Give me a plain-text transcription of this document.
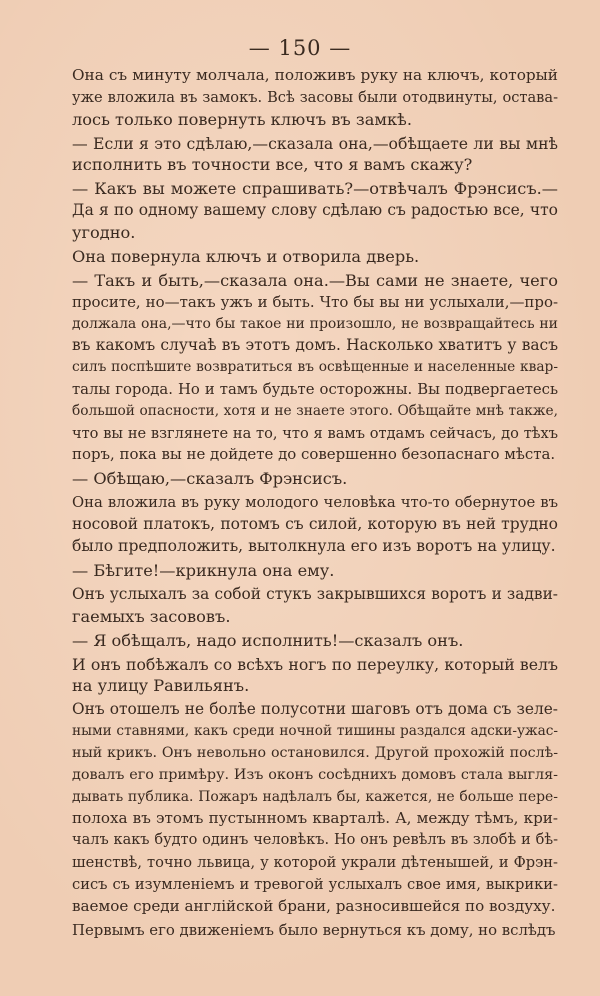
— 150 —

Она съ минуту молчала, положивъ руку на ключъ, который
уже вложила въ замокъ. Всѣ засовы были отодвинуты, остава-
лось только повернуть ключъ въ замкѣ.

— Если я это сдѣлаю,—сказала она,—обѣщаете ли вы мнѣ
исполнить въ точности все, что я вамъ скажу?

— Какъ вы можете спрашивать?—отвѣчалъ Фрэнсисъ.—
Да я по одному вашему слову сдѣлаю съ радостью все, что
угодно.

Она повернула ключъ и отворила дверь.

— Такъ и быть,—сказала она.—Вы сами не знаете, чего
просите, но—такъ ужъ и быть. Что бы вы ни услыхали,—про-
должала она,—что бы такое ни произошло, не возвращайтесь ни
въ какомъ случаѣ въ этотъ домъ. Насколько хватитъ у васъ
силъ поспѣшите возвратиться въ освѣщенные и населенные квар-
талы города. Но и тамъ будьте осторожны. Вы подвергаетесь
большой опасности, хотя и не знаете этого. Обѣщайте мнѣ также,
что вы не взглянете на то, что я вамъ отдамъ сейчасъ, до тѣхъ
поръ, пока вы не дойдете до совершенно безопаснаго мѣста.

— Обѣщаю,—сказалъ Фрэнсисъ.

Она вложила въ руку молодого человѣка что-то обернутое въ
носовой платокъ, потомъ съ силой, которую въ ней трудно
было предположить, вытолкнула его изъ воротъ на улицу.

— Бѣгите!—крикнула она ему.

Онъ услыхалъ за собой стукъ закрывшихся воротъ и задви-
гаемыхъ засововъ.

— Я обѣщалъ, надо исполнить!—сказалъ онъ.

И онъ побѣжалъ со всѣхъ ногъ по переулку, который велъ
на улицу Равильянъ.

Онъ отошелъ не болѣе полусотни шаговъ отъ дома съ зеле-
ными ставнями, какъ среди ночной тишины раздался адски-ужас-
ный крикъ. Онъ невольно остановился. Другой прохожій послѣ-
довалъ его примѣру. Изъ оконъ сосѣднихъ домовъ стала выгля-
дывать публика. Пожаръ надѣлалъ бы, кажется, не больше пере-
полоха въ этомъ пустынномъ кварталѣ. А, между тѣмъ, кри-
чалъ какъ будто одинъ человѣкъ. Но онъ ревѣлъ въ злобѣ и бѣ-
шенствѣ, точно львица, у которой украли дѣтенышей, и Фрэн-
сисъ съ изумленіемъ и тревогой услыхалъ свое имя, выкрики-
ваемое среди англійской брани, разносившейся по воздуху.

Первымъ его движеніемъ было вернуться къ дому, но вслѣдъ
